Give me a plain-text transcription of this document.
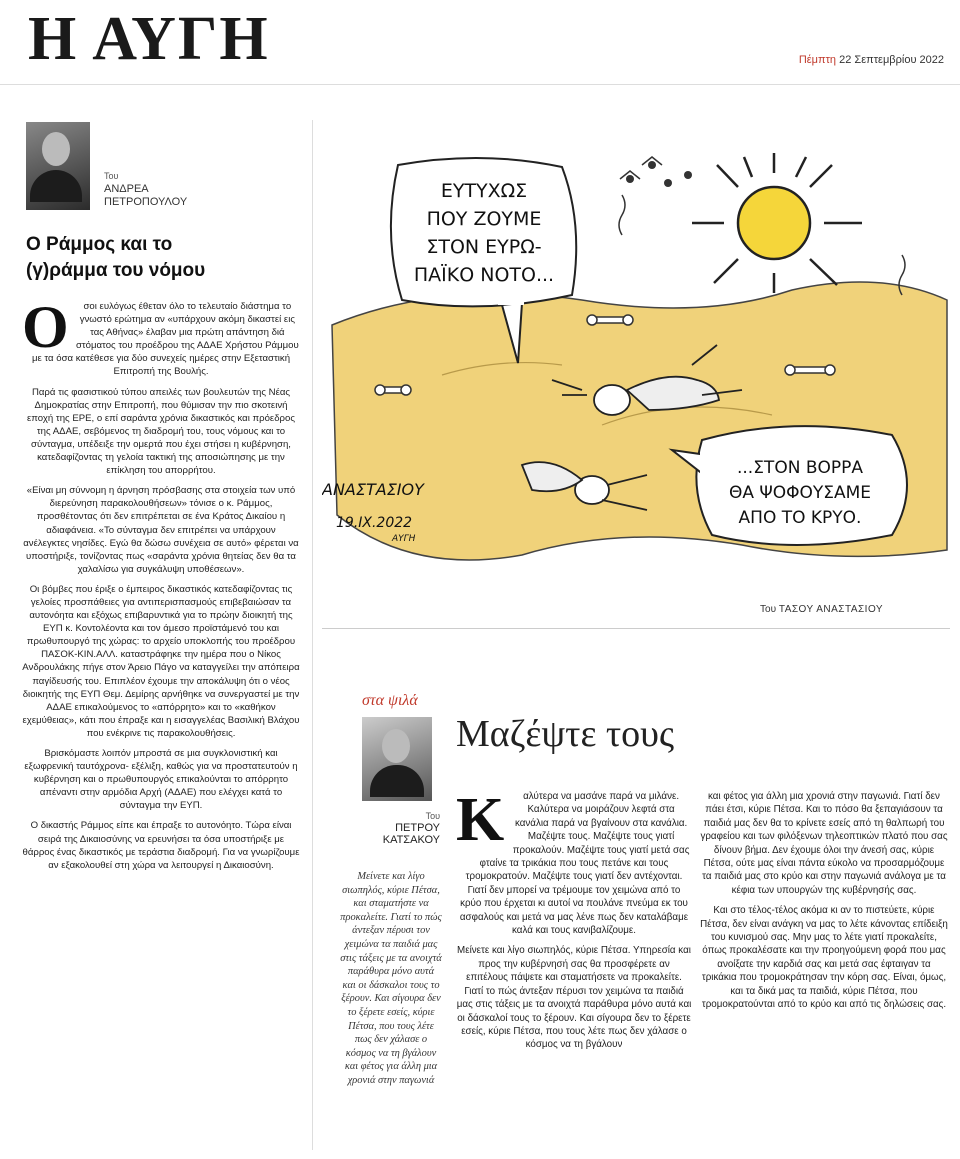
Η ΑΥΓΗ	Πέμπτη 22 Σεπτεμβρίου 2022
Του
ΑΝΔΡΕΑ
ΠΕΤΡΟΠΟΥΛΟΥ
Ο Ράμμος και το
(γ)ράμμα του νόμου

Ο σοι ευλόγως έθεταν όλο το τελευταίο διάστημα το γνωστό ερώτημα αν «υπάρχουν ακόμη δικαστεί εις τας Αθήνας» έλαβαν μια πρώτη απάντηση διά στόματος του προέδρου της ΑΔΑΕ Χρήστου Ράμμου με τα όσα κατέθεσε για δύο συνεχείς ημέρες στην Εξεταστική Επιτροπή της Βουλής.

Παρά τις φασιστικού τύπου απειλές των βουλευτών της Νέας Δημοκρατίας στην Επιτροπή, που θύμισαν την πιο σκοτεινή εποχή της ΕΡΕ, ο επί σαράντα χρόνια δικαστικός και πρόεδρος της ΑΔΑΕ, σεβόμενος τη διαδρομή του, τους νόμους και το σύνταγμα, υπέδειξε την ομερτά που έχει στήσει η κυβέρνηση, κατεδαφίζοντας τη γελοία τακτική της αποσιώπησης με την επίκληση του απορρήτου.

«Είναι μη σύννομη η άρνηση πρόσβασης στα στοιχεία των υπό διερεύνηση παρακολουθήσεων» τόνισε ο κ. Ράμμος, προσθέτοντας ότι δεν επιτρέπεται σε ένα Κράτος Δικαίου η αδιαφάνεια. «Το σύνταγμα δεν επιτρέπει να υπάρχουν ανέλεγκτες νησίδες. Εγώ θα δώσω συνέχεια σε αυτό» φέρεται να υποστήριξε, τονίζοντας πως «σαράντα χρόνια θητείας δεν θα τα χαλαλίσω για συγκάλυψη υποθέσεων».

Οι βόμβες που έριξε ο έμπειρος δικαστικός κατεδαφίζοντας τις γελοίες προσπάθειες για αντιπερισπασμούς επιβεβαιώσαν τα αυτονόητα και εξόχως επιβαρυντικά για το πρώην διοικητή της ΕΥΠ κ. Κοντολέοντα και τον άμεσο προϊστάμενό του και πρωθυπουργό της χώρας: το αρχείο υποκλοπής του προέδρου ΠΑΣΟΚ-ΚΙΝ.ΑΛΛ. καταστράφηκε την ημέρα που ο Νίκος Ανδρουλάκης πήγε στον Άρειο Πάγο να καταγγείλει την απόπειρα παγίδευσής του. Επιπλέον έχουμε την αποκάλυψη ότι ο νέος διοικητής της ΕΥΠ Θεμ. Δεμίρης αρνήθηκε να συνεργαστεί με την ΑΔΑΕ επικαλούμενος το «απόρρητο» και το «καθήκον εχεμύθειας», κάτι που έπραξε και η εισαγγελέας Βασιλική Βλάχου που ενέκρινε τις παρακολουθήσεις.

Βρισκόμαστε λοιπόν μπροστά σε μια συγκλονιστική και εξωφρενική ταυτόχρονα- εξέλιξη, καθώς για να προστατευτούν η κυβέρνηση και ο πρωθυπουργός επικαλούνται το απόρρητο απέναντι στην αρμόδια Αρχή (ΑΔΑΕ) που ελέγχει κατά το σύνταγμα την ΕΥΠ.

Ο δικαστής Ράμμος είπε και έπραξε το αυτονόητο. Τώρα είναι σειρά της Δικαιοσύνης να ερευνήσει τα όσα υποστήριξε με θάρρος ένας δικαστικός με τεράστια διαδρομή. Για να γνωρίζουμε αν εξακολουθεί στη χώρα να λειτουργεί η Δικαιοσύνη.

ΕΥΤΥΧΩΣ
ΠΟΥ ΖΟΥΜΕ
ΣΤΟΝ ΕΥΡΩ-
ΠΑΪΚΟ ΝΟΤΟ...
...ΣΤΟΝ ΒΟΡΡΑ
ΘΑ ΨΟΦΟΥΣΑΜΕ
ΑΠΟ ΤΟ ΚΡΥΟ.
ΑΝΑΣΤΑΣΙΟΥ
19.ΙΧ.2022
ΑΥΓΗ
Του ΤΑΣΟΥ ΑΝΑΣΤΑΣΙΟΥ
στα ψιλά
Του
ΠΕΤΡΟΥ
ΚΑΤΣΑΚΟΥ
Μαζέψτε τους
Μείνετε και λίγο σιωπηλός, κύριε Πέτσα, και σταματήστε να προκαλείτε. Γιατί το πώς άντεξαν πέρυσι τον χειμώνα τα παιδιά μας στις τάξεις με τα ανοιχτά παράθυρα μόνο αυτά και οι δάσκαλοι τους το ξέρουν. Και σίγουρα δεν το ξέρετε εσείς, κύριε Πέτσα, που τους λέτε πως δεν χάλασε ο κόσμος να τη βγάλουν και φέτος για άλλη μια χρονιά στην παγωνιά

Κ αλύτερα να μασάνε παρά να μιλάνε. Καλύτερα να μοιράζουν λεφτά στα κανάλια παρά να βγαίνουν στα κανάλια. Μαζέψτε τους. Μαζέψτε τους γιατί προκαλούν. Μαζέψτε τους γιατί μετά σας φταίνε τα τρικάκια που τους πετάνε και τους τρομοκρατούν. Μαζέψτε τους γιατί δεν αντέχονται. Γιατί δεν μπορεί να τρέμουμε τον χειμώνα από το κρύο που έρχεται κι αυτοί να πουλάνε πνεύμα εκ του ασφαλούς και μετά να μας λένε πως δεν καταλάβαμε καλά και τους κανιβαλίζουμε.

Μείνετε και λίγο σιωπηλός, κύριε Πέτσα. Υπηρεσία και προς την κυβέρνησή σας θα προσφέρετε αν επιτέλους πάψετε και σταματήσετε να προκαλείτε. Γιατί το πώς άντεξαν πέρυσι τον χειμώνα τα παιδιά μας στις τάξεις με τα ανοιχτά παράθυρα μόνο αυτά και οι δάσκαλοί τους το ξέρουν. Και σίγουρα δεν το ξέρετε εσείς, κύριε Πέτσα, που τους λέτε πως δεν χάλασε ο κόσμος να τη βγάλουν

και φέτος για άλλη μια χρονιά στην παγωνιά. Γιατί δεν πάει έτσι, κύριε Πέτσα. Και το πόσο θα ξεπαγιάσουν τα παιδιά μας δεν θα το κρίνετε εσείς από τη θαλπωρή του γραφείου και των φιλόξενων τηλεοπτικών πλατό που σας δίνουν βήμα. Δεν έχουμε όλοι την άνεσή σας, κύριε Πέτσα, ούτε μας είναι πάντα εύκολο να προσαρμόζουμε τα παιδιά μας στο κρύο και στην παγωνιά ανάλογα με τα κέφια των υπουργών της κυβέρνησής σας.

Και στο τέλος-τέλος ακόμα κι αν το πιστεύετε, κύριε Πέτσα, δεν είναι ανάγκη να μας το λέτε κάνοντας επίδειξη του κυνισμού σας. Μην μας το λέτε γιατί προκαλείτε, όπως προκαλέσατε και την προηγούμενη φορά που μας ανοίξατε την καρδιά σας και μετά σας έφταιγαν τα τρικάκια που τρομοκράτησαν την κόρη σας. Είναι, όμως, και τα δικά μας τα παιδιά, κύριε Πέτσα, που τρομοκρατούνται από το κρύο και από τις δηλώσεις σας.
